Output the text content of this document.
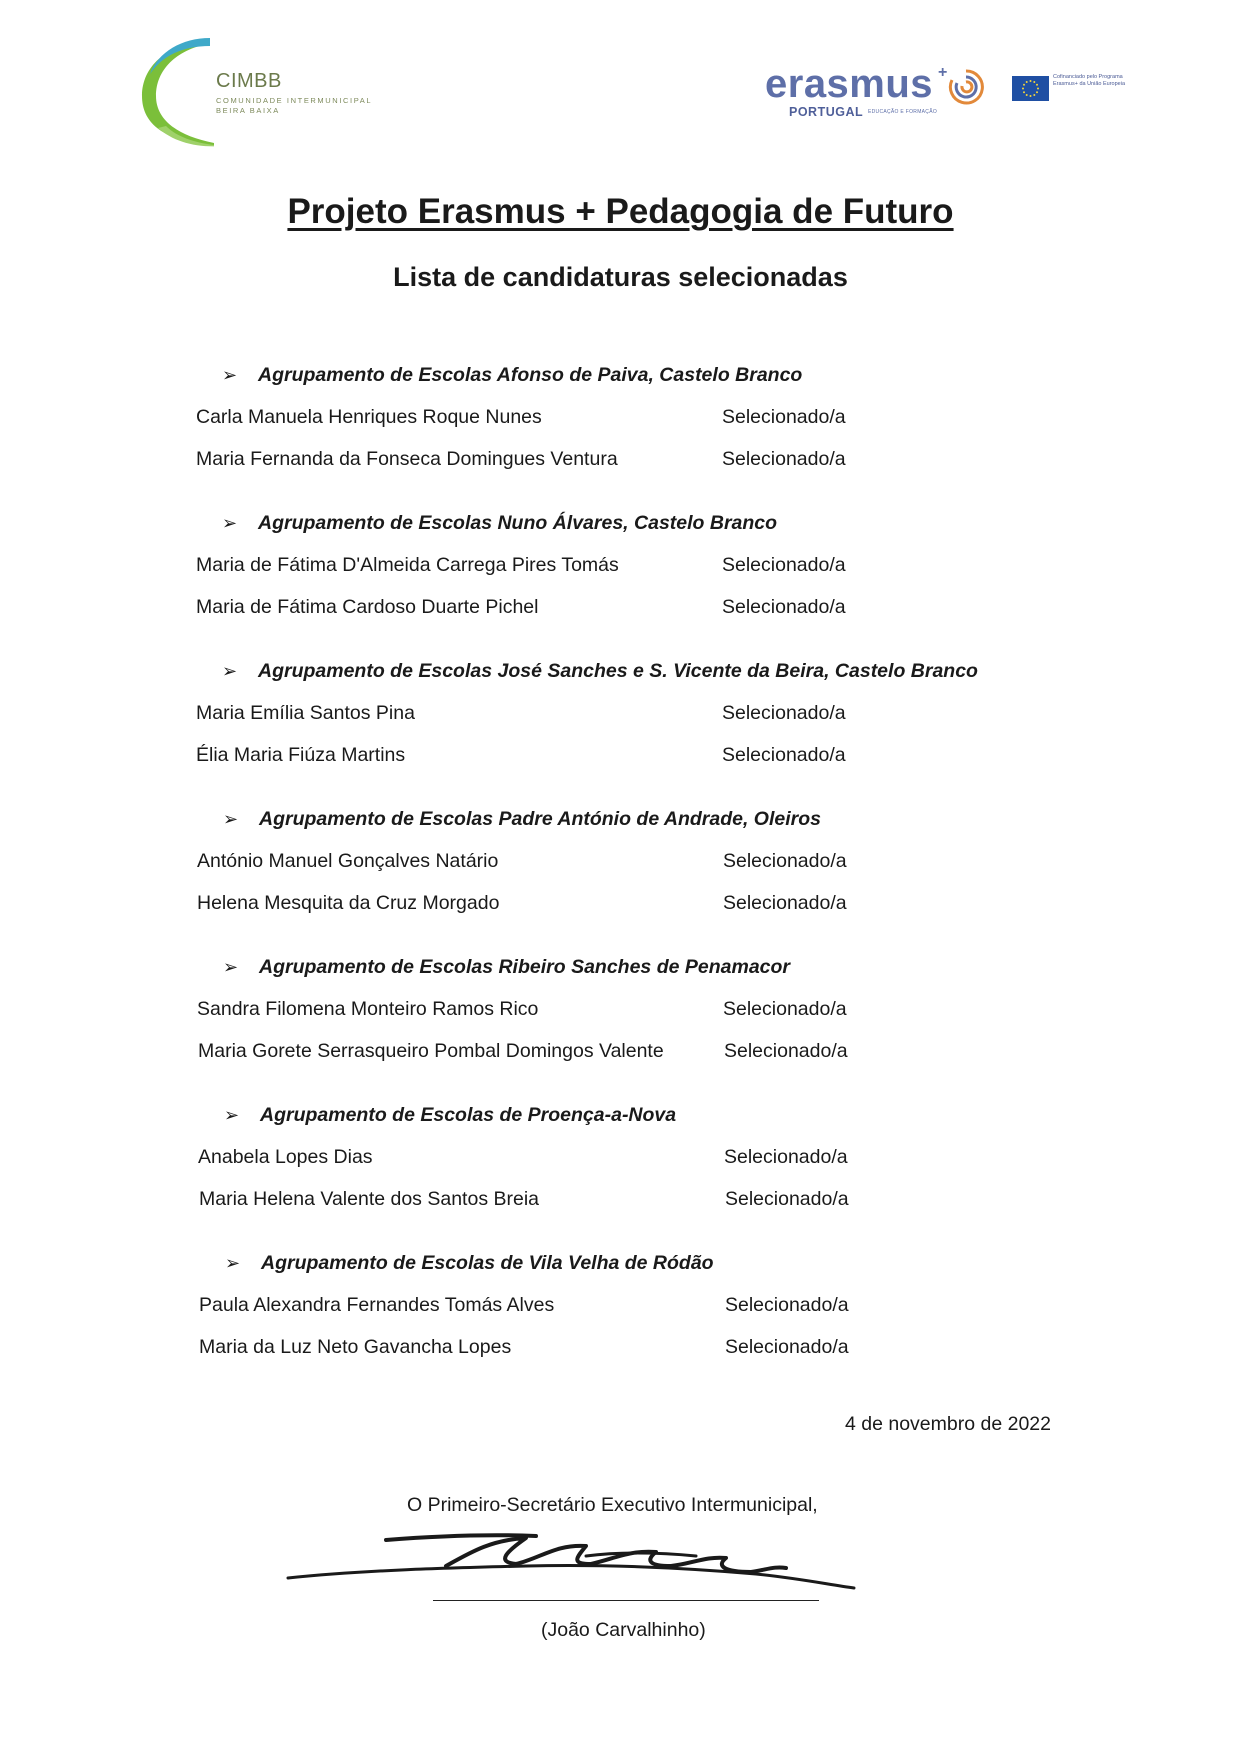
CIMBB
COMUNIDADE INTERMUNICIPAL
BEIRA BAIXA
erasmus +
PORTUGAL EDUCAÇÃO E FORMAÇÃO
Cofinanciado pelo Programa Erasmus+ da União Europeia
Projeto Erasmus + Pedagogia de Futuro
Lista de candidaturas selecionadas
➢ Agrupamento de Escolas Afonso de Paiva, Castelo Branco
Carla Manuela Henriques Roque Nunes	Selecionado/a
Maria Fernanda da Fonseca Domingues Ventura	Selecionado/a
➢ Agrupamento de Escolas Nuno Álvares, Castelo Branco
Maria de Fátima D'Almeida Carrega Pires Tomás	Selecionado/a
Maria de Fátima Cardoso Duarte Pichel	Selecionado/a
➢ Agrupamento de Escolas José Sanches e S. Vicente da Beira, Castelo Branco
Maria Emília Santos Pina	Selecionado/a
Élia Maria Fiúza Martins	Selecionado/a
➢ Agrupamento de Escolas Padre António de Andrade, Oleiros
António Manuel Gonçalves Natário	Selecionado/a
Helena Mesquita da Cruz Morgado	Selecionado/a
➢ Agrupamento de Escolas Ribeiro Sanches de Penamacor
Sandra Filomena Monteiro Ramos Rico	Selecionado/a
Maria Gorete Serrasqueiro Pombal Domingos Valente	Selecionado/a
➢ Agrupamento de Escolas de Proença-a-Nova
Anabela Lopes Dias	Selecionado/a
Maria Helena Valente dos Santos Breia	Selecionado/a
➢ Agrupamento de Escolas de Vila Velha de Ródão
Paula Alexandra Fernandes Tomás Alves	Selecionado/a
Maria da Luz Neto Gavancha Lopes	Selecionado/a
4 de novembro de 2022
O Primeiro-Secretário Executivo Intermunicipal,
(João Carvalhinho)
